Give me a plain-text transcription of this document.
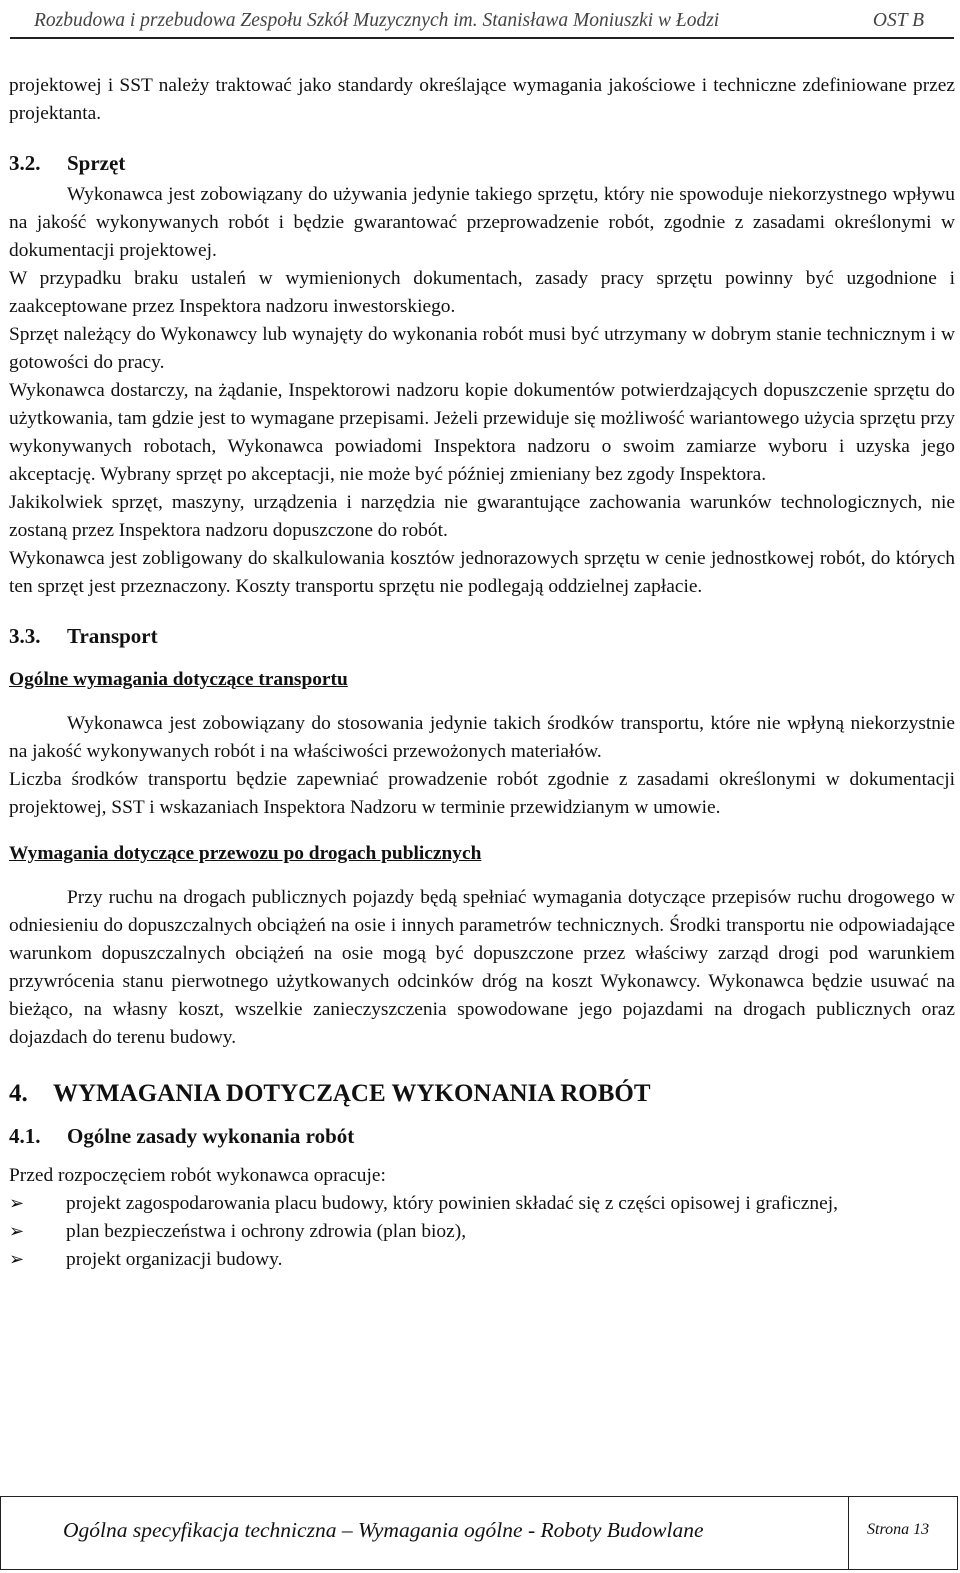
Rozbudowa i przebudowa Zespołu Szkół Muzycznych im. Stanisława Moniuszki w Łodzi	OST B

projektowej i SST należy traktować jako standardy określające wymagania jakościowe i techniczne zdefiniowane przez projektanta.

3.2. Sprzęt

Wykonawca jest zobowiązany do używania jedynie takiego sprzętu, który nie spowoduje niekorzystnego wpływu na jakość wykonywanych robót i będzie gwarantować przeprowadzenie robót, zgodnie z zasadami określonymi w dokumentacji projektowej.

W przypadku braku ustaleń w wymienionych dokumentach, zasady pracy sprzętu powinny być uzgodnione i zaakceptowane przez Inspektora nadzoru inwestorskiego.

Sprzęt należący do Wykonawcy lub wynajęty do wykonania robót musi być utrzymany w dobrym stanie technicznym i w gotowości do pracy.

Wykonawca dostarczy, na żądanie, Inspektorowi nadzoru kopie dokumentów potwierdzających dopuszczenie sprzętu do użytkowania, tam gdzie jest to wymagane przepisami. Jeżeli przewiduje się możliwość wariantowego użycia sprzętu przy wykonywanych robotach, Wykonawca powiadomi Inspektora nadzoru o swoim zamiarze wyboru i uzyska jego akceptację. Wybrany sprzęt po akceptacji, nie może być później zmieniany bez zgody Inspektora.

Jakikolwiek sprzęt, maszyny, urządzenia i narzędzia nie gwarantujące zachowania warunków technologicznych, nie zostaną przez Inspektora nadzoru dopuszczone do robót.

Wykonawca jest zobligowany do skalkulowania kosztów jednorazowych sprzętu w cenie jednostkowej robót, do których ten sprzęt jest przeznaczony. Koszty transportu sprzętu nie podlegają oddzielnej zapłacie.

3.3. Transport

Ogólne wymagania dotyczące transportu

Wykonawca jest zobowiązany do stosowania jedynie takich środków transportu, które nie wpłyną niekorzystnie na jakość wykonywanych robót i na właściwości przewożonych materiałów.

Liczba środków transportu będzie zapewniać prowadzenie robót zgodnie z zasadami określonymi w dokumentacji projektowej, SST i wskazaniach Inspektora Nadzoru w terminie przewidzianym w umowie.

Wymagania dotyczące przewozu po drogach publicznych

Przy ruchu na drogach publicznych pojazdy będą spełniać wymagania dotyczące przepisów ruchu drogowego w odniesieniu do dopuszczalnych obciążeń na osie i innych parametrów technicznych. Środki transportu nie odpowiadające warunkom dopuszczalnych obciążeń na osie mogą być dopuszczone przez właściwy zarząd drogi pod warunkiem przywrócenia stanu pierwotnego użytkowanych odcinków dróg na koszt Wykonawcy. Wykonawca będzie usuwać na bieżąco, na własny koszt, wszelkie zanieczyszczenia spowodowane jego pojazdami na drogach publicznych oraz dojazdach do terenu budowy.

4. WYMAGANIA DOTYCZĄCE WYKONANIA ROBÓT
4.1. Ogólne zasady wykonania robót

Przed rozpoczęciem robót wykonawca opracuje:

➢	projekt zagospodarowania placu budowy, który powinien składać się z części opisowej i graficznej,
➢	plan bezpieczeństwa i ochrony zdrowia (plan bioz),
➢	projekt organizacji budowy.
Ogólna specyfikacja techniczna – Wymagania ogólne - Roboty Budowlane	Strona 13
